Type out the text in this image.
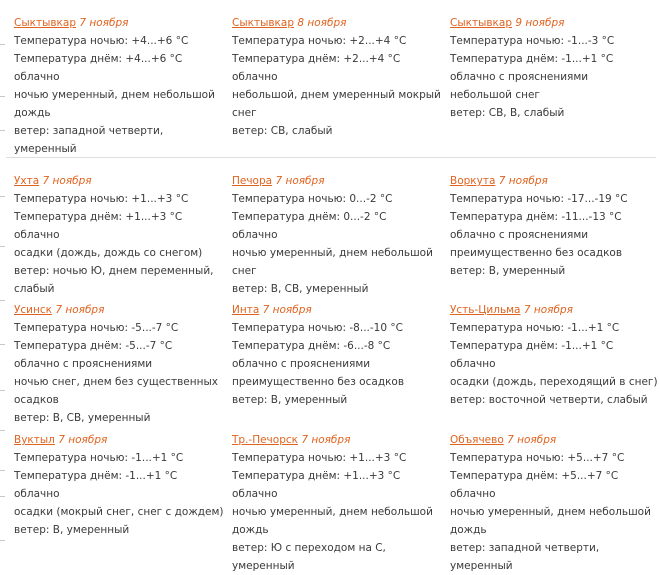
Сыктывкар 7 ноября
Температура ночью: +4...+6 °С
Температура днём: +4...+6 °С
облачно
ночью умеренный, днем небольшой дождь
ветер: западной четверти, умеренный
Сыктывкар 8 ноября
Температура ночью: +2...+4 °С
Температура днём: +2...+4 °С
облачно
небольшой, днем умеренный мокрый снег
ветер: СВ, слабый
Сыктывкар 9 ноября
Температура ночью: -1...-3 °С
Температура днём: -1...+1 °С
облачно с прояснениями
небольшой снег
ветер: СВ, В, слабый
Ухта 7 ноября
Температура ночью: +1...+3 °С
Температура днём: +1...+3 °С
облачно
осадки (дождь, дождь со снегом)
ветер: ночью Ю, днем переменный, слабый
Печора 7 ноября
Температура ночью: 0...-2 °С
Температура днём: 0...-2 °С
облачно
ночью умеренный, днем небольшой снег
ветер: В, СВ, умеренный
Воркута 7 ноября
Температура ночью: -17...-19 °С
Температура днём: -11...-13 °С
облачно с прояснениями
преимущественно без осадков
ветер: В, умеренный
Усинск 7 ноября
Температура ночью: -5...-7 °С
Температура днём: -5...-7 °С
облачно с прояснениями
ночью снег, днем без существенных осадков
ветер: В, СВ, умеренный
Инта 7 ноября
Температура ночью: -8...-10 °С
Температура днём: -6...-8 °С
облачно с прояснениями
преимущественно без осадков
ветер: В, умеренный
Усть-Цильма 7 ноября
Температура ночью: -1...+1 °С
Температура днём: -1...+1 °С
облачно
осадки (дождь, переходящий в снег)
ветер: восточной четверти, слабый
Вуктыл 7 ноября
Температура ночью: -1...+1 °С
Температура днём: -1...+1 °С
облачно
осадки (мокрый снег, снег с дождем)
ветер: В, умеренный
Тр.-Печорск 7 ноября
Температура ночью: +1...+3 °С
Температура днём: +1...+3 °С
облачно
ночью умеренный, днем небольшой дождь
ветер: Ю с переходом на С, умеренный
Объячево 7 ноября
Температура ночью: +5...+7 °С
Температура днём: +5...+7 °С
облачно
ночью умеренный, днем небольшой дождь
ветер: западной четверти, умеренный
